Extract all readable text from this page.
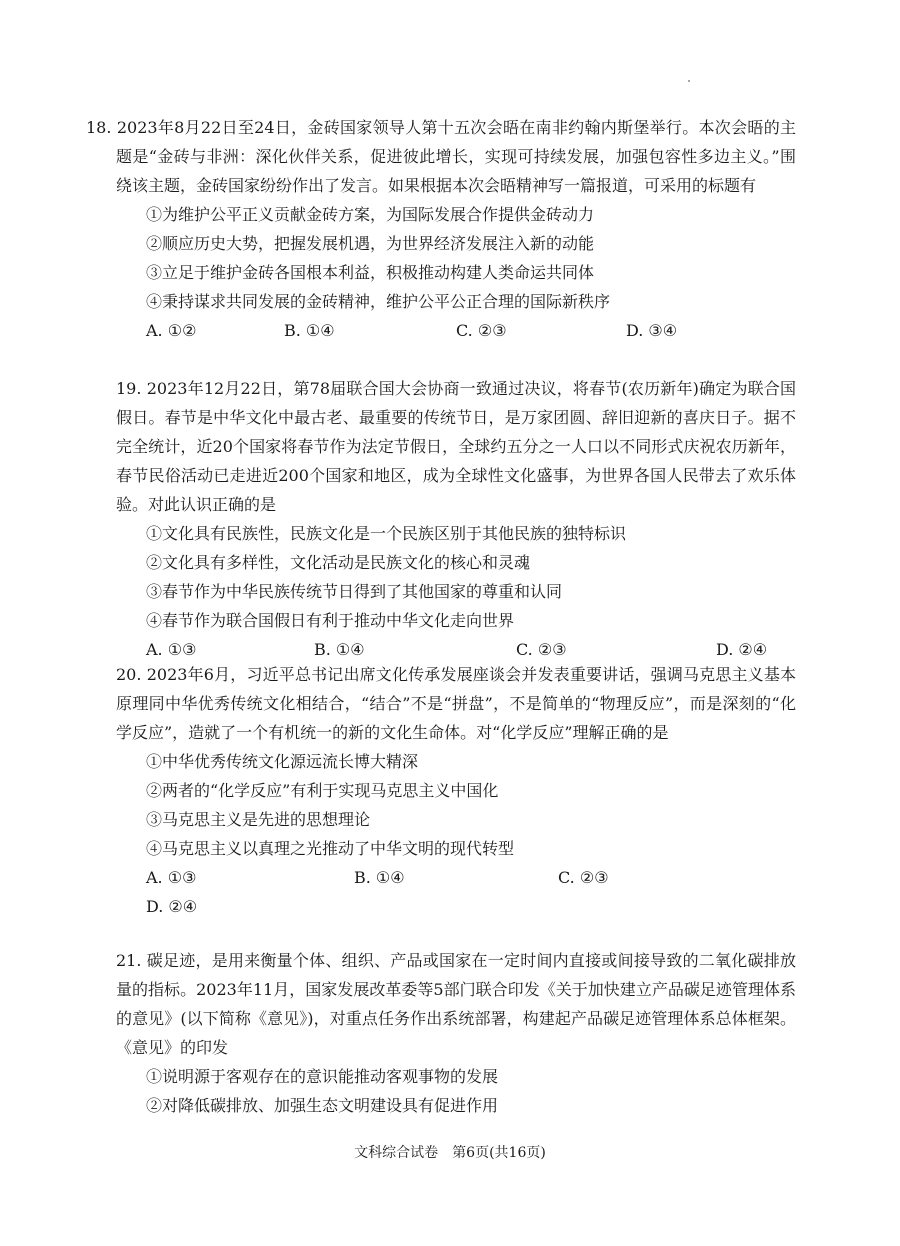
18. 2023年8月22日至24日，金砖国家领导人第十五次会晤在南非约翰内斯堡举行。本次会晤的主题是“金砖与非洲：深化伙伴关系，促进彼此增长，实现可持续发展，加强包容性多边主义。”围绕该主题，金砖国家纷纷作出了发言。如果根据本次会晤精神写一篇报道，可采用的标题有

①为维护公平正义贡献金砖方案，为国际发展合作提供金砖动力

②顺应历史大势，把握发展机遇，为世界经济发展注入新的动能

③立足于维护金砖各国根本利益，积极推动构建人类命运共同体

④秉持谋求共同发展的金砖精神，维护公平公正合理的国际新秩序

A. ①②	B. ①④	C. ②③	D. ③④

19. 2023年12月22日，第78届联合国大会协商一致通过决议，将春节(农历新年)确定为联合国假日。春节是中华文化中最古老、最重要的传统节日，是万家团圆、辞旧迎新的喜庆日子。据不完全统计，近20个国家将春节作为法定节假日，全球约五分之一人口以不同形式庆祝农历新年，春节民俗活动已走进近200个国家和地区，成为全球性文化盛事，为世界各国人民带去了欢乐体验。对此认识正确的是

①文化具有民族性，民族文化是一个民族区别于其他民族的独特标识

②文化具有多样性，文化活动是民族文化的核心和灵魂

③春节作为中华民族传统节日得到了其他国家的尊重和认同

④春节作为联合国假日有利于推动中华文化走向世界

A. ①③	B. ①④	C. ②③	D. ②④

20. 2023年6月，习近平总书记出席文化传承发展座谈会并发表重要讲话，强调马克思主义基本原理同中华优秀传统文化相结合，“结合”不是“拼盘”，不是简单的“物理反应”，而是深刻的“化学反应”，造就了一个有机统一的新的文化生命体。对“化学反应”理解正确的是

①中华优秀传统文化源远流长博大精深

②两者的“化学反应”有利于实现马克思主义中国化

③马克思主义是先进的思想理论

④马克思主义以真理之光推动了中华文明的现代转型

A. ①③	B. ①④	C. ②③
D. ②④

21. 碳足迹，是用来衡量个体、组织、产品或国家在一定时间内直接或间接导致的二氧化碳排放量的指标。2023年11月，国家发展改革委等5部门联合印发《关于加快建立产品碳足迹管理体系的意见》(以下简称《意见》)，对重点任务作出系统部署，构建起产品碳足迹管理体系总体框架。《意见》的印发

①说明源于客观存在的意识能推动客观事物的发展

②对降低碳排放、加强生态文明建设具有促进作用

文科综合试卷　第6页(共16页)
